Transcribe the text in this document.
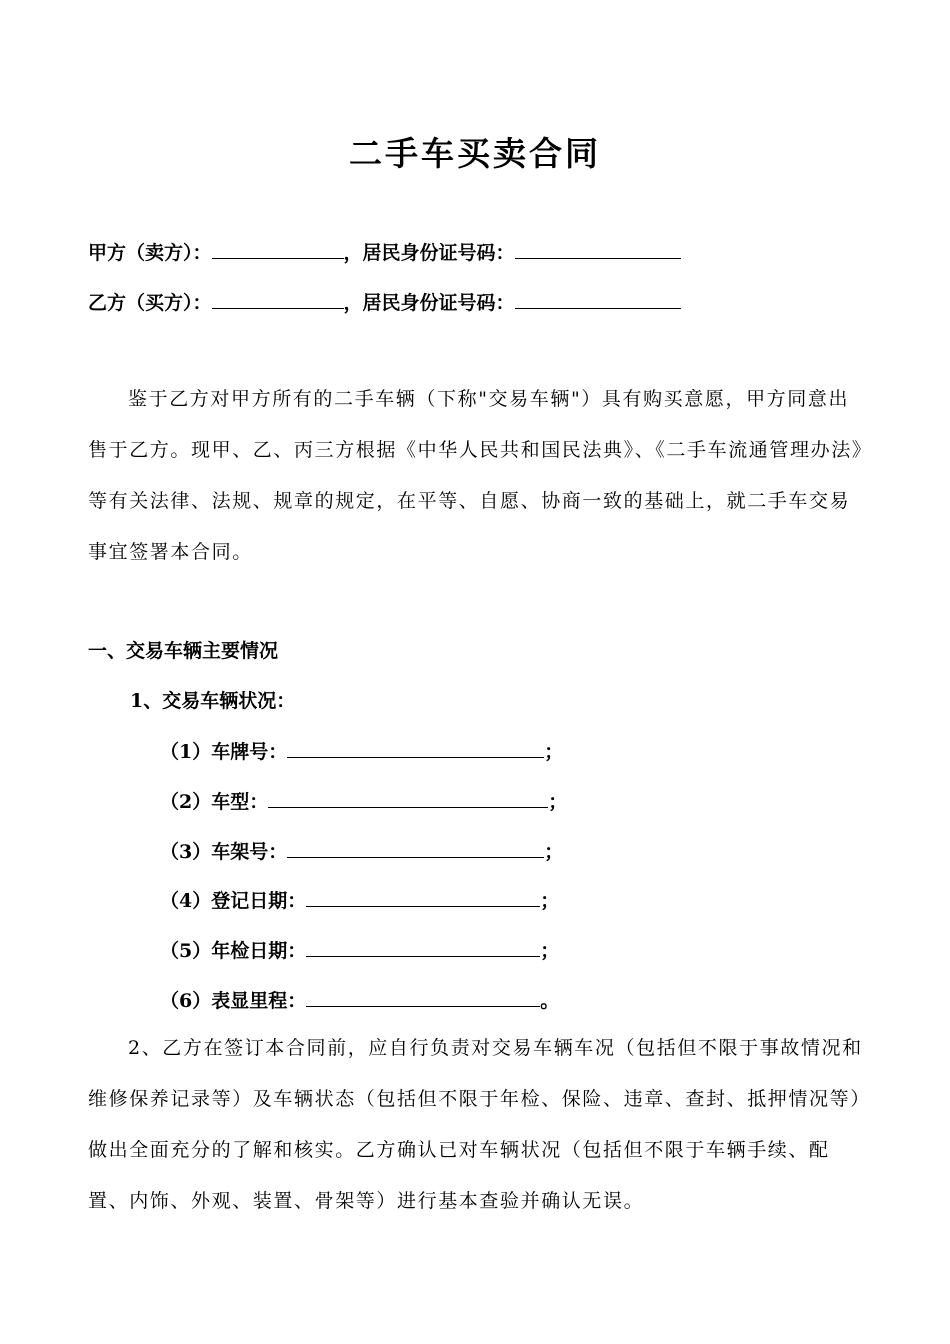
二手车买卖合同
甲方（卖方）：	，居民身份证号码：
乙方（买方）：	，居民身份证号码：

鉴于乙方对甲方所有的二手车辆（下称"交易车辆"）具有购买意愿，甲方同意出售于乙方。现甲、乙、丙三方根据《中华人民共和国民法典》、《二手车流通管理办法》等有关法律、法规、规章的规定，在平等、自愿、协商一致的基础上，就二手车交易事宜签署本合同。

一、交易车辆主要情况
1、交易车辆状况：
（1）车牌号：	；
（2）车型：	；
（3）车架号：	；
（4）登记日期：	；
（5）年检日期：	；
（6）表显里程：	。

2、乙方在签订本合同前，应自行负责对交易车辆车况（包括但不限于事故情况和维修保养记录等）及车辆状态（包括但不限于年检、保险、违章、查封、抵押情况等）做出全面充分的了解和核实。乙方确认已对车辆状况（包括但不限于车辆手续、配置、内饰、外观、装置、骨架等）进行基本查验并确认无误。
